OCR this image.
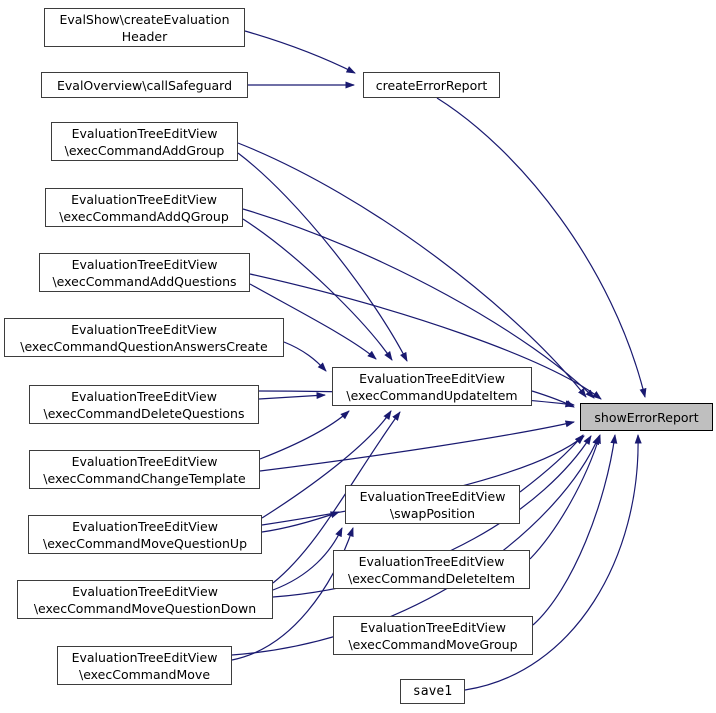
EvalShow\createEvaluation
Header
EvalOverview\callSafeguard	createErrorReport
EvaluationTreeEditView
\execCommandAddGroup
EvaluationTreeEditView
\execCommandAddQGroup
EvaluationTreeEditView
\execCommandAddQuestions
EvaluationTreeEditView
\execCommandQuestionAnswersCreate
EvaluationTreeEditView
\execCommandDeleteQuestions
EvaluationTreeEditView
\execCommandChangeTemplate
EvaluationTreeEditView
\execCommandMoveQuestionUp
EvaluationTreeEditView
\execCommandMoveQuestionDown
EvaluationTreeEditView
\execCommandMove
EvaluationTreeEditView
\execCommandUpdateItem
EvaluationTreeEditView
\swapPosition
EvaluationTreeEditView
\execCommandDeleteItem
EvaluationTreeEditView
\execCommandMoveGroup
save1
showErrorReport
